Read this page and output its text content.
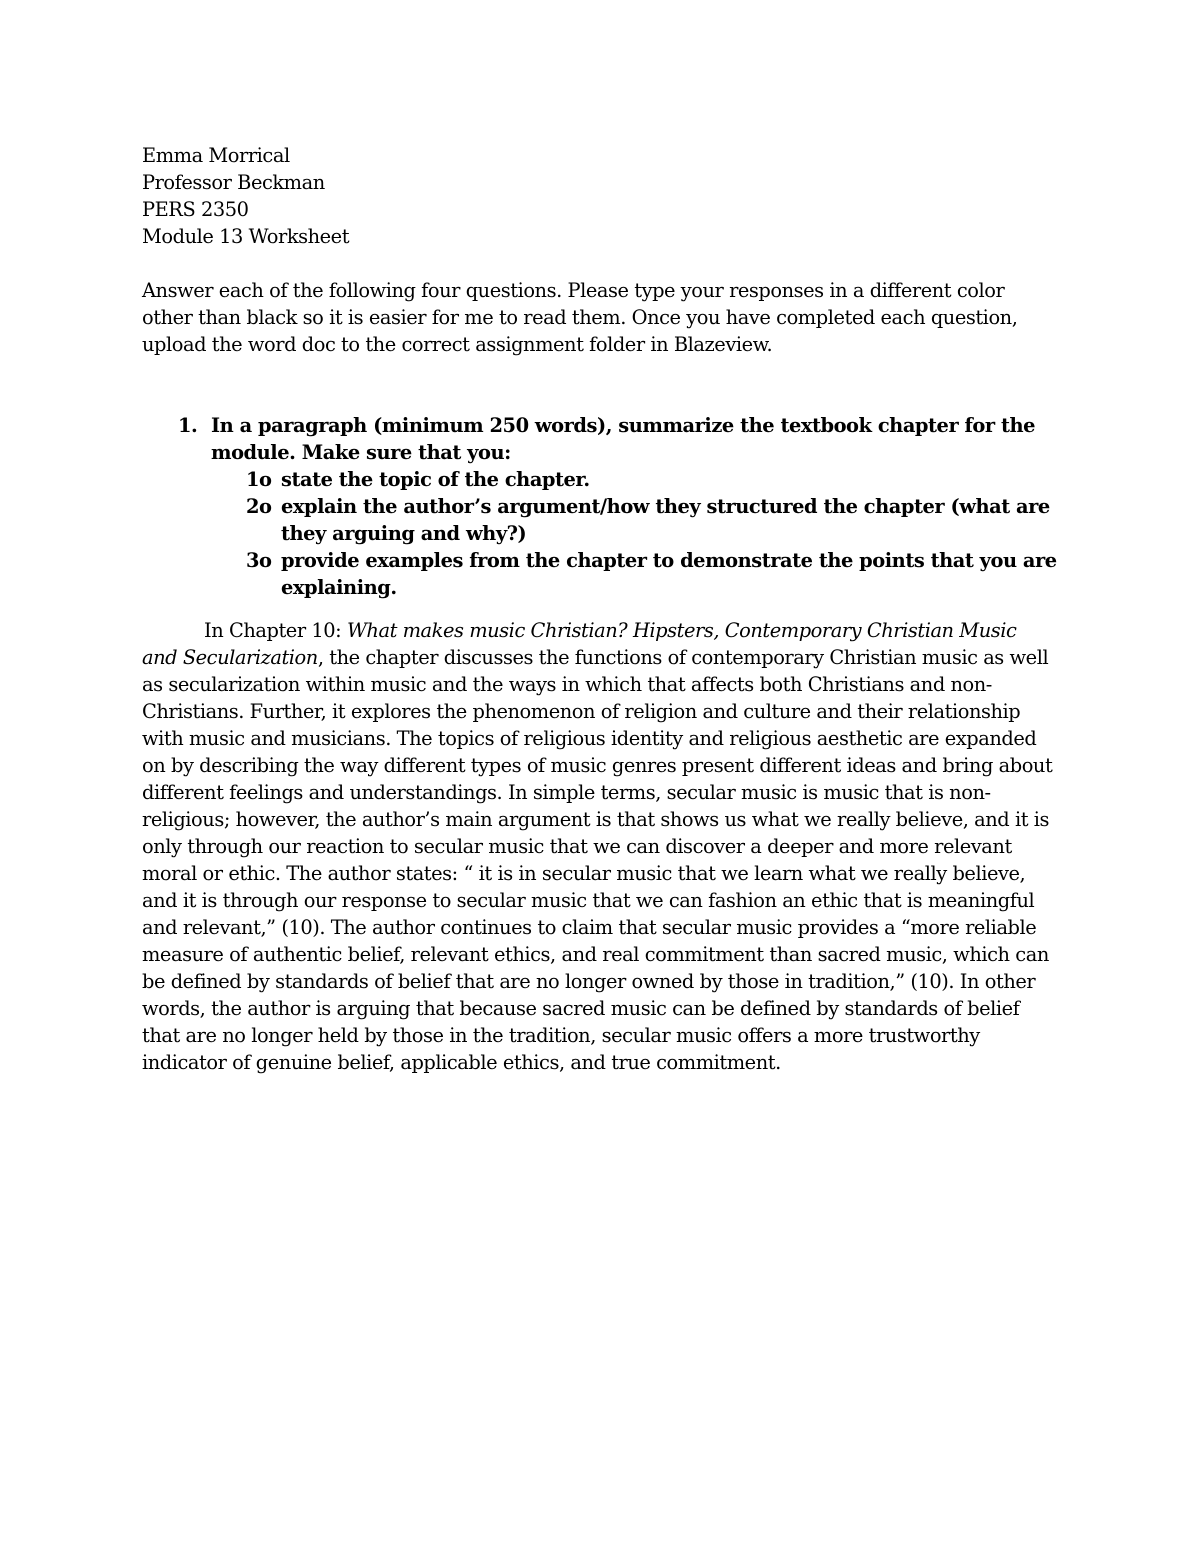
Emma Morrical
Professor Beckman
PERS 2350
Module 13 Worksheet
Answer each of the following four questions. Please type your responses in a different color other than black so it is easier for me to read them. Once you have completed each question, upload the word doc to the correct assignment folder in Blazeview.
1. In a paragraph (minimum 250 words), summarize the textbook chapter for the module. Make sure that you:
1o state the topic of the chapter.
2o explain the author’s argument/how they structured the chapter (what are they arguing and why?)
3o provide examples from the chapter to demonstrate the points that you are explaining.

In Chapter 10: What makes music Christian? Hipsters, Contemporary Christian Music and Secularization, the chapter discusses the functions of contemporary Christian music as well as secularization within music and the ways in which that affects both Christians and non-Christians. Further, it explores the phenomenon of religion and culture and their relationship with music and musicians. The topics of religious identity and religious aesthetic are expanded on by describing the way different types of music genres present different ideas and bring about different feelings and understandings. In simple terms, secular music is music that is non-religious; however, the author’s main argument is that shows us what we really believe, and it is only through our reaction to secular music that we can discover a deeper and more relevant moral or ethic. The author states: “ it is in secular music that we learn what we really believe, and it is through our response to secular music that we can fashion an ethic that is meaningful and relevant,” (10). The author continues to claim that secular music provides a “more reliable measure of authentic belief, relevant ethics, and real commitment than sacred music, which can be defined by standards of belief that are no longer owned by those in tradition,” (10). In other words, the author is arguing that because sacred music can be defined by standards of belief that are no longer held by those in the tradition, secular music offers a more trustworthy indicator of genuine belief, applicable ethics, and true commitment.
